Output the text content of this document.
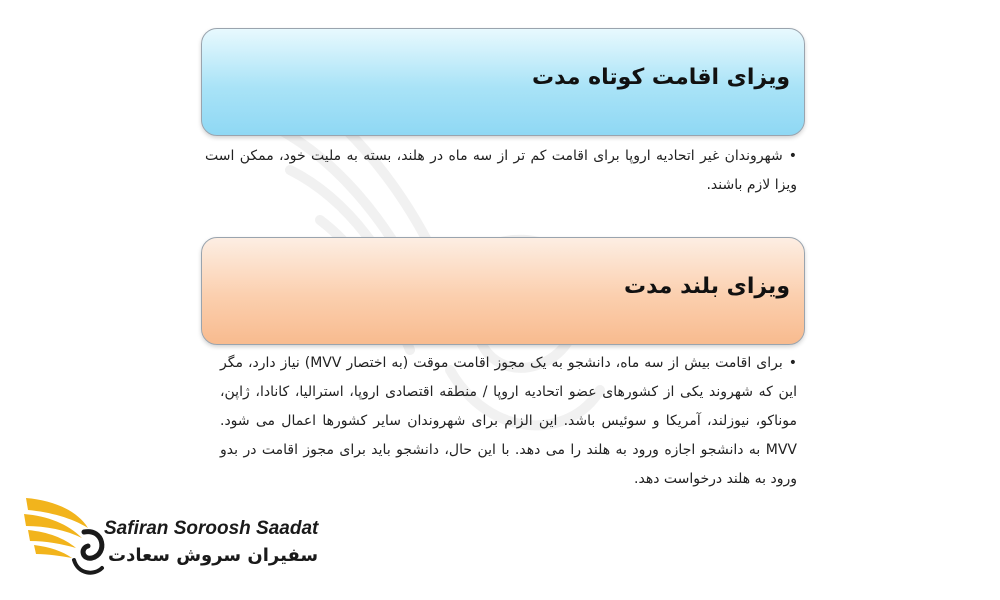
ویزای اقامت کوتاه مدت
•شهروندان غیر اتحادیه اروپا برای اقامت کم تر از سه ماه در هلند، بسته به ملیت خود، ممکن است ویزا لازم باشند.
ویزای بلند مدت
•برای اقامت بیش از سه ماه، دانشجو به یک مجوز اقامت موقت (به اختصار MVV) نیاز دارد، مگر این که شهروند یکی از کشورهای عضو اتحادیه اروپا / منطقه اقتصادی اروپا، استرالیا، کانادا، ژاپن، موناکو، نیوزلند، آمریکا و سوئیس باشد. این الزام برای شهروندان سایر کشورها اعمال می شود. MVV به دانشجو اجازه ورود به هلند را می دهد. با این حال، دانشجو باید برای مجوز اقامت در بدو ورود به هلند درخواست دهد.
Safiran Soroosh Saadat
سفیران سروش سعادت
